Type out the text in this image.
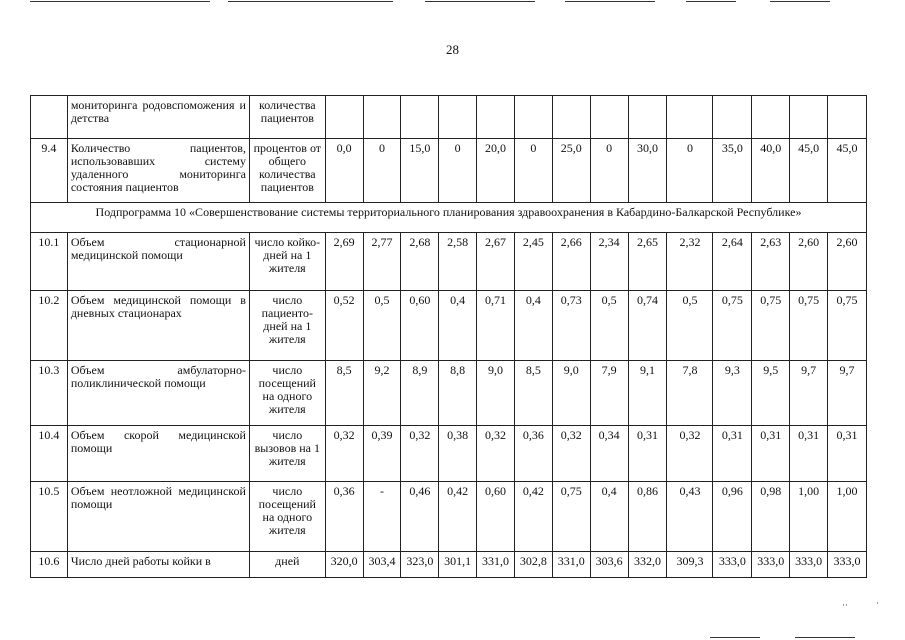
28
	мониторинга родовспоможения и детства	количества пациентов														
9.4	Количество пациентов, использовавших систему удаленного мониторинга состояния пациентов	процентов от общего количества пациентов	0,0	0	15,0	0	20,0	0	25,0	0	30,0	0	35,0	40,0	45,0	45,0
Подпрограмма 10 «Совершенствование системы территориального планирования здравоохранения в Кабардино-Балкарской Республике»																
10.1	Объем стационарной медицинской помощи	число койко-дней на 1 жителя	2,69	2,77	2,68	2,58	2,67	2,45	2,66	2,34	2,65	2,32	2,64	2,63	2,60	2,60
10.2	Объем медицинской помощи в дневных стационарах	число пациенто-дней на 1 жителя	0,52	0,5	0,60	0,4	0,71	0,4	0,73	0,5	0,74	0,5	0,75	0,75	0,75	0,75
10.3	Объем амбулаторно-поликлинической помощи	число посещений на одного жителя	8,5	9,2	8,9	8,8	9,0	8,5	9,0	7,9	9,1	7,8	9,3	9,5	9,7	9,7
10.4	Объем скорой медицинской помощи	число вызовов на 1 жителя	0,32	0,39	0,32	0,38	0,32	0,36	0,32	0,34	0,31	0,32	0,31	0,31	0,31	0,31
10.5	Объем неотложной медицинской помощи	число посещений на одного жителя	0,36	-	0,46	0,42	0,60	0,42	0,75	0,4	0,86	0,43	0,96	0,98	1,00	1,00
10.6	Число дней работы койки в	дней	320,0	303,4	323,0	301,1	331,0	302,8	331,0	303,6	332,0	309,3	333,0	333,0	333,0	333,0
··	·
